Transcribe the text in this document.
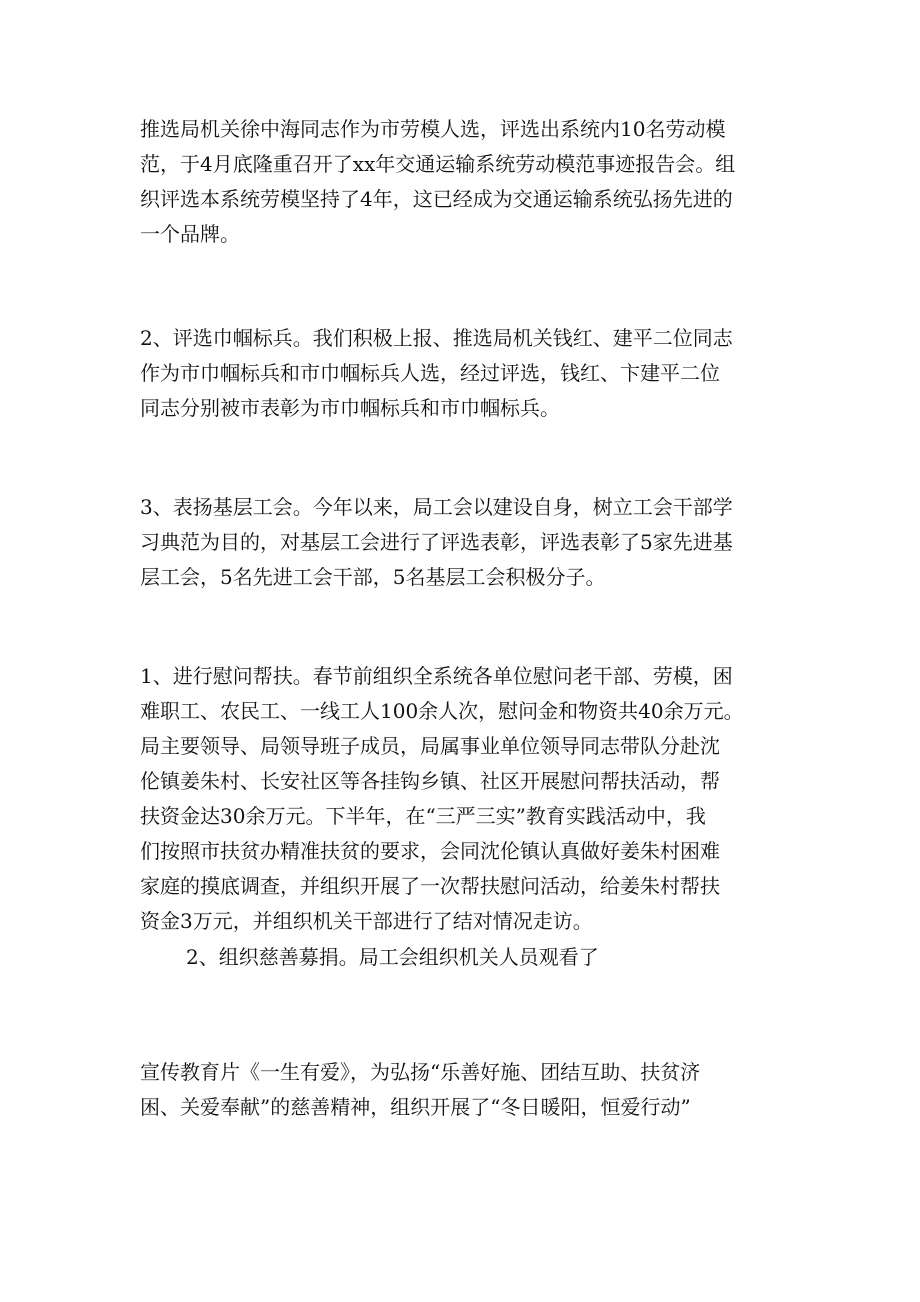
推选局机关徐中海同志作为市劳模人选，评选出系统内10名劳动模
范，于4月底隆重召开了xx年交通运输系统劳动模范事迹报告会。组
织评选本系统劳模坚持了4年，这已经成为交通运输系统弘扬先进的
一个品牌。

2、评选巾帼标兵。我们积极上报、推选局机关钱红、建平二位同志
作为市巾帼标兵和市巾帼标兵人选，经过评选，钱红、卞建平二位
同志分别被市表彰为市巾帼标兵和市巾帼标兵。

3、表扬基层工会。今年以来，局工会以建设自身，树立工会干部学
习典范为目的，对基层工会进行了评选表彰，评选表彰了5家先进基
层工会，5名先进工会干部，5名基层工会积极分子。

1、进行慰问帮扶。春节前组织全系统各单位慰问老干部、劳模，困
难职工、农民工、一线工人100余人次，慰问金和物资共40余万元。
局主要领导、局领导班子成员，局属事业单位领导同志带队分赴沈
伦镇姜朱村、长安社区等各挂钩乡镇、社区开展慰问帮扶活动，帮
扶资金达30余万元。下半年，在“三严三实”教育实践活动中，我
们按照市扶贫办精准扶贫的要求，会同沈伦镇认真做好姜朱村困难
家庭的摸底调查，并组织开展了一次帮扶慰问活动，给姜朱村帮扶
资金3万元，并组织机关干部进行了结对情况走访。

2、组织慈善募捐。局工会组织机关人员观看了

宣传教育片《一生有爱》，为弘扬“乐善好施、团结互助、扶贫济
困、关爱奉献”的慈善精神，组织开展了“冬日暖阳，恒爱行动”
